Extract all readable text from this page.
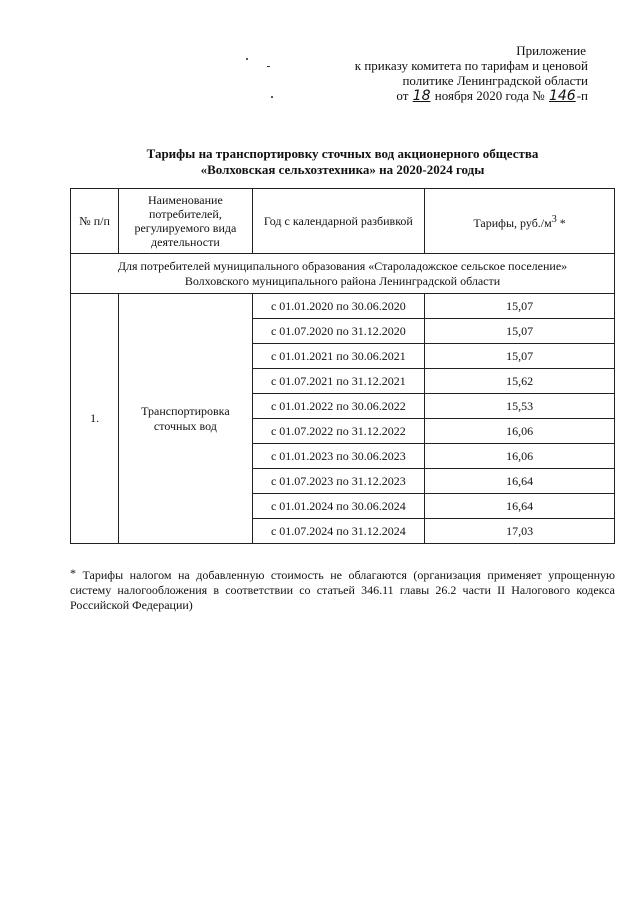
Приложение
к приказу комитета по тарифам и ценовой
политике Ленинградской области
от 18 ноября 2020 года № 146-п
Тарифы на транспортировку сточных вод акционерного общества
«Волховская сельхозтехника» на 2020-2024 годы
№ п/п	Наименование потребителей, регулируемого вида деятельности	Год с календарной разбивкой	Тарифы, $руб./м^3$ *

Для потребителей муниципального образования «Староладожское сельское поселение»
Волховского муниципального района Ленинградской области			

1.	Транспортировка сточных вод	с 01.01.2020 по 30.06.2020	15,07
		с 01.07.2020 по 31.12.2020	15,07
		с 01.01.2021 по 30.06.2021	15,07
		с 01.07.2021 по 31.12.2021	15,62
		с 01.01.2022 по 30.06.2022	15,53
		с 01.07.2022 по 31.12.2022	16,06
		с 01.01.2023 по 30.06.2023	16,06
		с 01.07.2023 по 31.12.2023	16,64
		с 01.01.2024 по 30.06.2024	16,64
		с 01.07.2024 по 31.12.2024	17,03
* Тарифы налогом на добавленную стоимость не облагаются (организация применяет упрощенную систему налогообложения в соответствии со статьей 346.11 главы 26.2 части II Налогового кодекса Российской Федерации)
